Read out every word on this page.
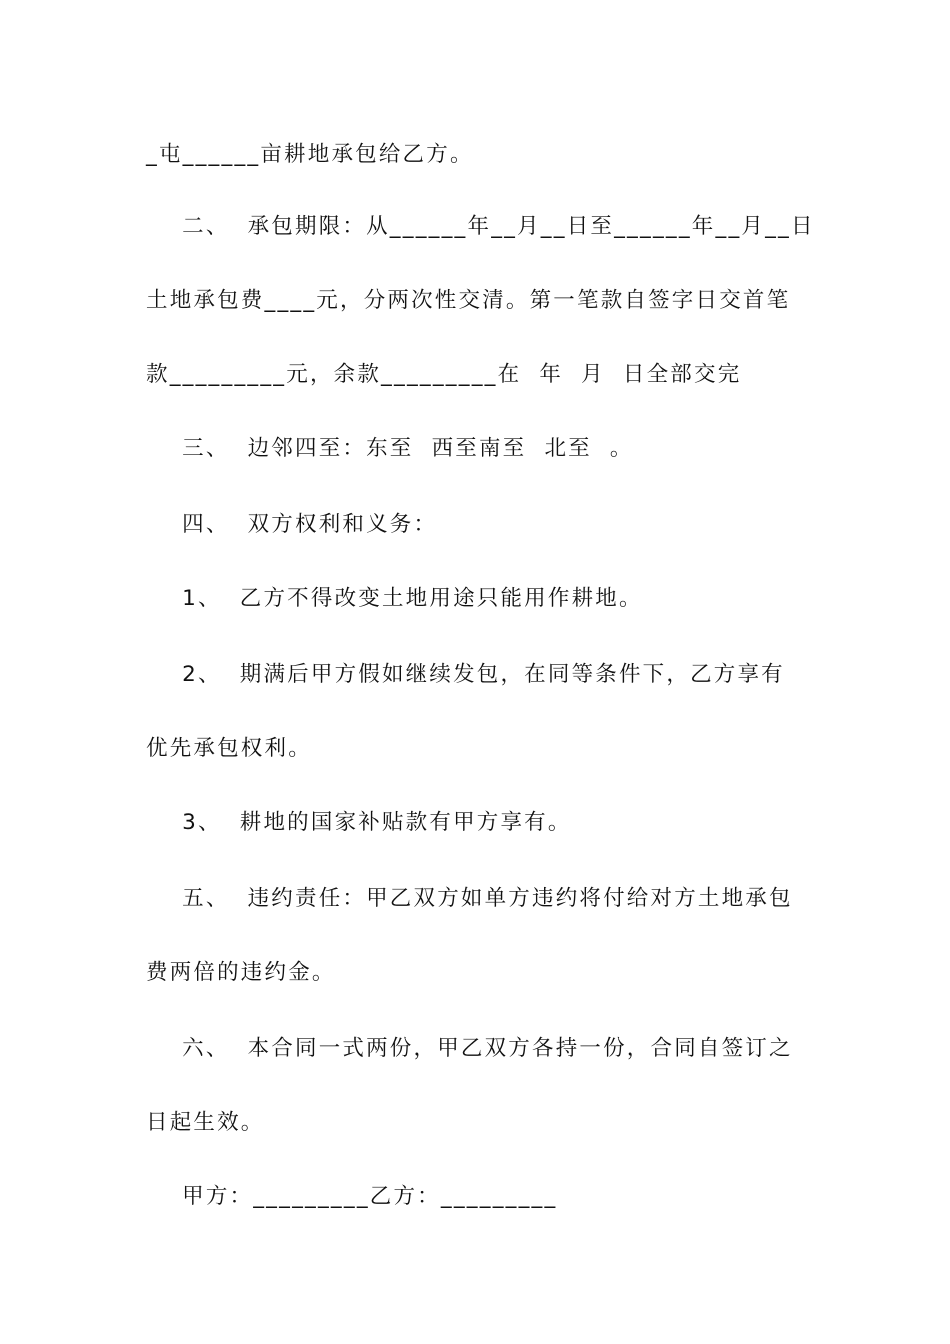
_屯______亩耕地承包给乙方。
二、  承包期限：从______年__月__日至______年__月__日
土地承包费____元，分两次性交清。第一笔款自签字日交首笔
款_________元，余款_________在  年  月  日全部交完
三、  边邻四至：东至  西至南至  北至  。
四、  双方权利和义务：
1、  乙方不得改变土地用途只能用作耕地。
2、  期满后甲方假如继续发包，在同等条件下，乙方享有
优先承包权利。
3、  耕地的国家补贴款有甲方享有。
五、  违约责任：甲乙双方如单方违约将付给对方土地承包
费两倍的违约金。
六、  本合同一式两份，甲乙双方各持一份，合同自签订之
日起生效。
甲方：_________乙方：_________
